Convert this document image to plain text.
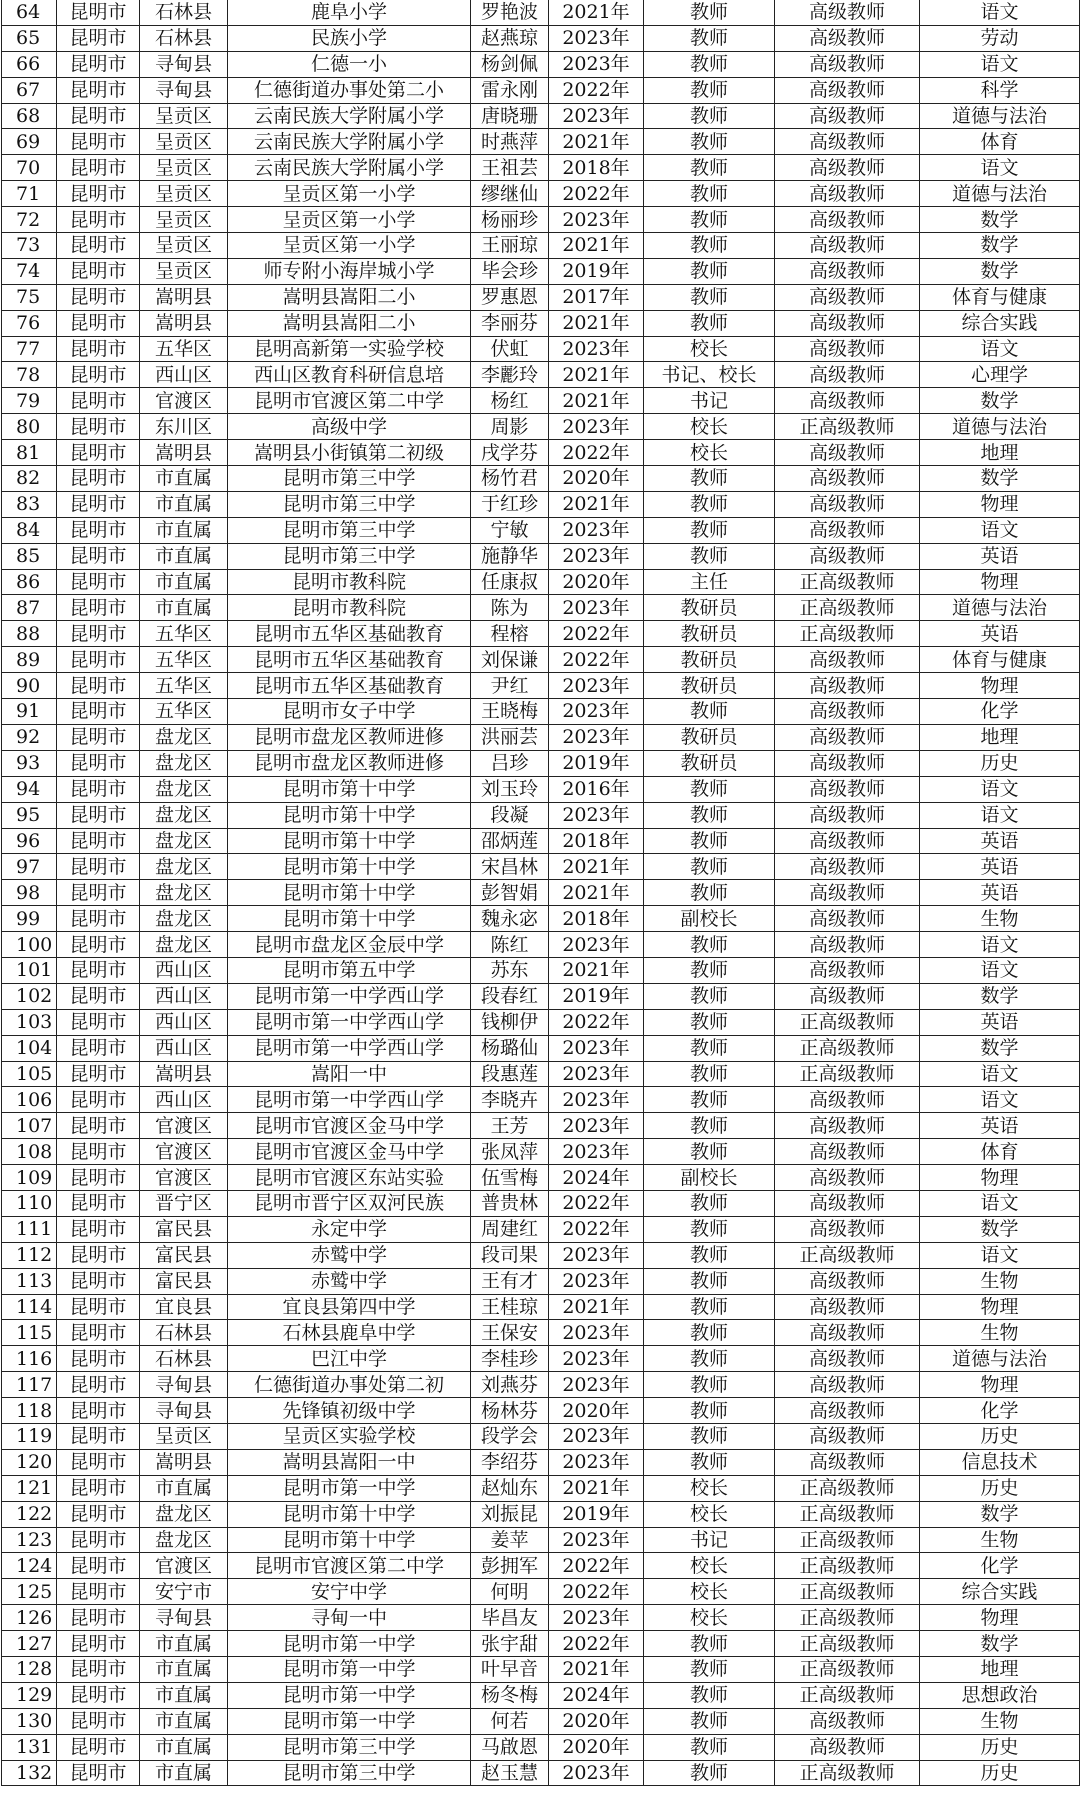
64	昆明市	石林县	鹿阜小学	罗艳波	2021年	教师	高级教师	语文
65	昆明市	石林县	民族小学	赵燕琼	2023年	教师	高级教师	劳动
66	昆明市	寻甸县	仁德一小	杨剑佩	2023年	教师	高级教师	语文
67	昆明市	寻甸县	仁德街道办事处第二小	雷永刚	2022年	教师	高级教师	科学
68	昆明市	呈贡区	云南民族大学附属小学	唐晓珊	2023年	教师	高级教师	道德与法治
69	昆明市	呈贡区	云南民族大学附属小学	时燕萍	2021年	教师	高级教师	体育
70	昆明市	呈贡区	云南民族大学附属小学	王祖芸	2018年	教师	高级教师	语文
71	昆明市	呈贡区	呈贡区第一小学	缪继仙	2022年	教师	高级教师	道德与法治
72	昆明市	呈贡区	呈贡区第一小学	杨丽珍	2023年	教师	高级教师	数学
73	昆明市	呈贡区	呈贡区第一小学	王丽琼	2021年	教师	高级教师	数学
74	昆明市	呈贡区	师专附小海岸城小学	毕会珍	2019年	教师	高级教师	数学
75	昆明市	嵩明县	嵩明县嵩阳二小	罗惠恩	2017年	教师	高级教师	体育与健康
76	昆明市	嵩明县	嵩明县嵩阳二小	李丽芬	2021年	教师	高级教师	综合实践
77	昆明市	五华区	昆明高新第一实验学校	伏虹	2023年	校长	高级教师	语文
78	昆明市	西山区	西山区教育科研信息培	李彲玲	2021年	书记、校长	高级教师	心理学
79	昆明市	官渡区	昆明市官渡区第二中学	杨红	2021年	书记	高级教师	数学
80	昆明市	东川区	高级中学	周影	2023年	校长	正高级教师	道德与法治
81	昆明市	嵩明县	嵩明县小街镇第二初级	戌学芬	2022年	校长	高级教师	地理
82	昆明市	市直属	昆明市第三中学	杨竹君	2020年	教师	高级教师	数学
83	昆明市	市直属	昆明市第三中学	于红珍	2021年	教师	高级教师	物理
84	昆明市	市直属	昆明市第三中学	宁敏	2023年	教师	高级教师	语文
85	昆明市	市直属	昆明市第三中学	施静华	2023年	教师	高级教师	英语
86	昆明市	市直属	昆明市教科院	任康叔	2020年	主任	正高级教师	物理
87	昆明市	市直属	昆明市教科院	陈为	2023年	教研员	正高级教师	道德与法治
88	昆明市	五华区	昆明市五华区基础教育	程榕	2022年	教研员	正高级教师	英语
89	昆明市	五华区	昆明市五华区基础教育	刘保谦	2022年	教研员	高级教师	体育与健康
90	昆明市	五华区	昆明市五华区基础教育	尹红	2023年	教研员	高级教师	物理
91	昆明市	五华区	昆明市女子中学	王晓梅	2023年	教师	高级教师	化学
92	昆明市	盘龙区	昆明市盘龙区教师进修	洪丽芸	2023年	教研员	高级教师	地理
93	昆明市	盘龙区	昆明市盘龙区教师进修	吕珍	2019年	教研员	高级教师	历史
94	昆明市	盘龙区	昆明市第十中学	刘玉玲	2016年	教师	高级教师	语文
95	昆明市	盘龙区	昆明市第十中学	段凝	2023年	教师	高级教师	语文
96	昆明市	盘龙区	昆明市第十中学	邵炳莲	2018年	教师	高级教师	英语
97	昆明市	盘龙区	昆明市第十中学	宋昌林	2021年	教师	高级教师	英语
98	昆明市	盘龙区	昆明市第十中学	彭智娟	2021年	教师	高级教师	英语
99	昆明市	盘龙区	昆明市第十中学	魏永宓	2018年	副校长	高级教师	生物
100	昆明市	盘龙区	昆明市盘龙区金辰中学	陈红	2023年	教师	高级教师	语文
101	昆明市	西山区	昆明市第五中学	苏东	2021年	教师	高级教师	语文
102	昆明市	西山区	昆明市第一中学西山学	段春红	2019年	教师	高级教师	数学
103	昆明市	西山区	昆明市第一中学西山学	钱柳伊	2022年	教师	正高级教师	英语
104	昆明市	西山区	昆明市第一中学西山学	杨璐仙	2023年	教师	正高级教师	数学
105	昆明市	嵩明县	嵩阳一中	段惠莲	2023年	教师	正高级教师	语文
106	昆明市	西山区	昆明市第一中学西山学	李晓卉	2023年	教师	高级教师	语文
107	昆明市	官渡区	昆明市官渡区金马中学	王芳	2023年	教师	高级教师	英语
108	昆明市	官渡区	昆明市官渡区金马中学	张凤萍	2023年	教师	高级教师	体育
109	昆明市	官渡区	昆明市官渡区东站实验	伍雪梅	2024年	副校长	高级教师	物理
110	昆明市	晋宁区	昆明市晋宁区双河民族	普贵林	2022年	教师	高级教师	语文
111	昆明市	富民县	永定中学	周建红	2022年	教师	高级教师	数学
112	昆明市	富民县	赤鹫中学	段司果	2023年	教师	正高级教师	语文
113	昆明市	富民县	赤鹫中学	王有才	2023年	教师	高级教师	生物
114	昆明市	宜良县	宜良县第四中学	王桂琼	2021年	教师	高级教师	物理
115	昆明市	石林县	石林县鹿阜中学	王保安	2023年	教师	高级教师	生物
116	昆明市	石林县	巴江中学	李桂珍	2023年	教师	高级教师	道德与法治
117	昆明市	寻甸县	仁德街道办事处第二初	刘燕芬	2023年	教师	高级教师	物理
118	昆明市	寻甸县	先锋镇初级中学	杨林芬	2020年	教师	高级教师	化学
119	昆明市	呈贡区	呈贡区实验学校	段学会	2023年	教师	高级教师	历史
120	昆明市	嵩明县	嵩明县嵩阳一中	李绍芬	2023年	教师	高级教师	信息技术
121	昆明市	市直属	昆明市第一中学	赵灿东	2021年	校长	正高级教师	历史
122	昆明市	盘龙区	昆明市第十中学	刘振昆	2019年	校长	正高级教师	数学
123	昆明市	盘龙区	昆明市第十中学	姜苹	2023年	书记	正高级教师	生物
124	昆明市	官渡区	昆明市官渡区第二中学	彭拥军	2022年	校长	正高级教师	化学
125	昆明市	安宁市	安宁中学	何明	2022年	校长	正高级教师	综合实践
126	昆明市	寻甸县	寻甸一中	毕昌友	2023年	校长	正高级教师	物理
127	昆明市	市直属	昆明市第一中学	张宇甜	2022年	教师	正高级教师	数学
128	昆明市	市直属	昆明市第一中学	叶早音	2021年	教师	正高级教师	地理
129	昆明市	市直属	昆明市第一中学	杨冬梅	2024年	教师	正高级教师	思想政治
130	昆明市	市直属	昆明市第一中学	何若	2020年	教师	高级教师	生物
131	昆明市	市直属	昆明市第三中学	马啟恩	2020年	教师	高级教师	历史
132	昆明市	市直属	昆明市第三中学	赵玉慧	2023年	教师	正高级教师	历史
